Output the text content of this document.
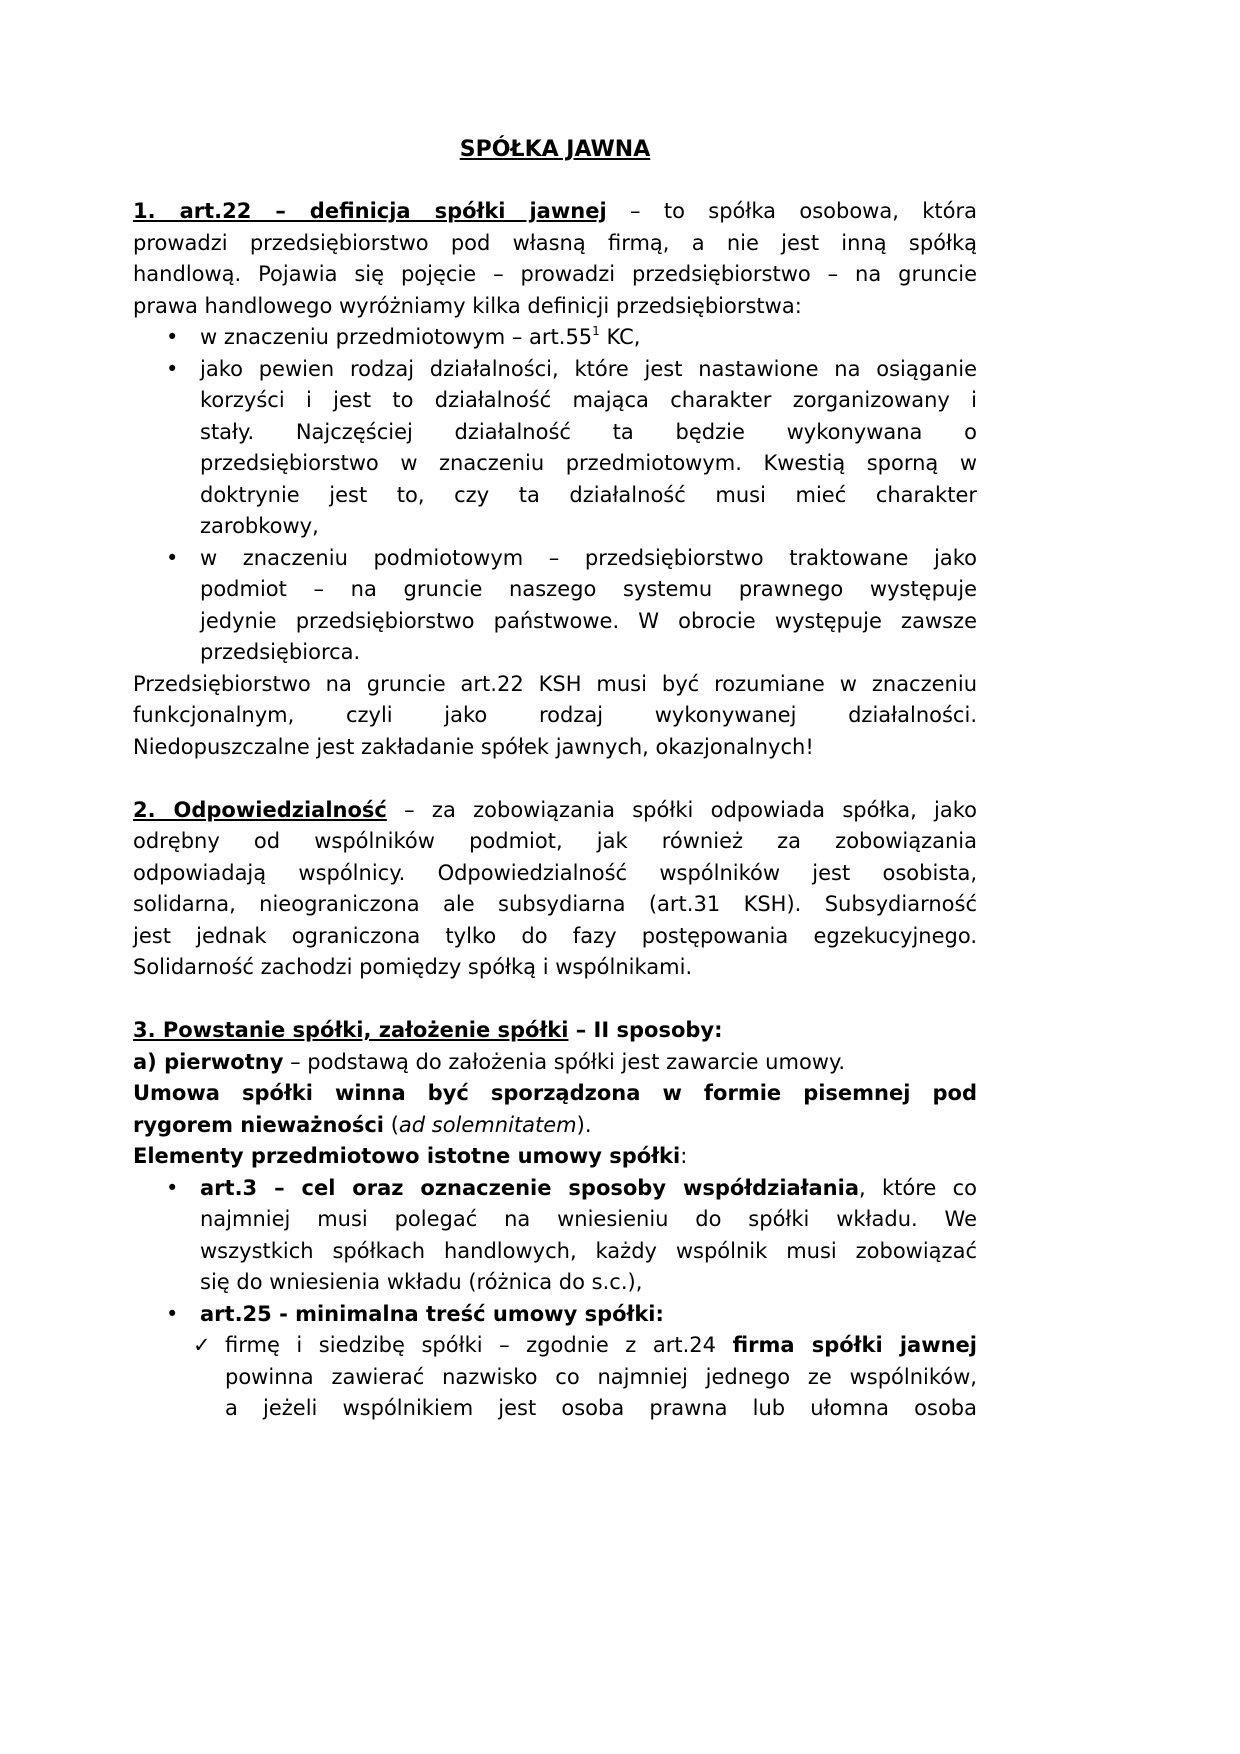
SPÓŁKA JAWNA
1. art.22 – definicja spółki jawnej – to spółka osobowa, która
prowadzi przedsiębiorstwo pod własną firmą, a nie jest inną spółką
handlową. Pojawia się pojęcie – prowadzi przedsiębiorstwo – na gruncie
prawa handlowego wyróżniamy kilka definicji przedsiębiorstwa:
• w znaczeniu przedmiotowym – $art.55^1$ KC,
• jako pewien rodzaj działalności, które jest nastawione na osiąganie
korzyści i jest to działalność mająca charakter zorganizowany i
stały. Najczęściej działalność ta będzie wykonywana o
przedsiębiorstwo w znaczeniu przedmiotowym. Kwestią sporną w
doktrynie jest to, czy ta działalność musi mieć charakter
zarobkowy,
• w znaczeniu podmiotowym – przedsiębiorstwo traktowane jako
podmiot – na gruncie naszego systemu prawnego występuje
jedynie przedsiębiorstwo państwowe. W obrocie występuje zawsze
przedsiębiorca.
Przedsiębiorstwo na gruncie art.22 KSH musi być rozumiane w znaczeniu
funkcjonalnym, czyli jako rodzaj wykonywanej działalności.
Niedopuszczalne jest zakładanie spółek jawnych, okazjonalnych!
2. Odpowiedzialność – za zobowiązania spółki odpowiada spółka, jako
odrębny od wspólników podmiot, jak również za zobowiązania
odpowiadają wspólnicy. Odpowiedzialność wspólników jest osobista,
solidarna, nieograniczona ale subsydiarna (art.31 KSH). Subsydiarność
jest jednak ograniczona tylko do fazy postępowania egzekucyjnego.
Solidarność zachodzi pomiędzy spółką i wspólnikami.
3. Powstanie spółki, założenie spółki – II sposoby:
a) pierwotny – podstawą do założenia spółki jest zawarcie umowy.
Umowa spółki winna być sporządzona w formie pisemnej pod
rygorem nieważności (ad solemnitatem).
Elementy przedmiotowo istotne umowy spółki:
• art.3 – cel oraz oznaczenie sposoby współdziałania, które co
najmniej musi polegać na wniesieniu do spółki wkładu. We
wszystkich spółkach handlowych, każdy wspólnik musi zobowiązać
się do wniesienia wkładu (różnica do s.c.),
• art.25 - minimalna treść umowy spółki:
✓ firmę i siedzibę spółki – zgodnie z art.24 firma spółki jawnej
powinna zawierać nazwisko co najmniej jednego ze wspólników,
a jeżeli wspólnikiem jest osoba prawna lub ułomna osoba
